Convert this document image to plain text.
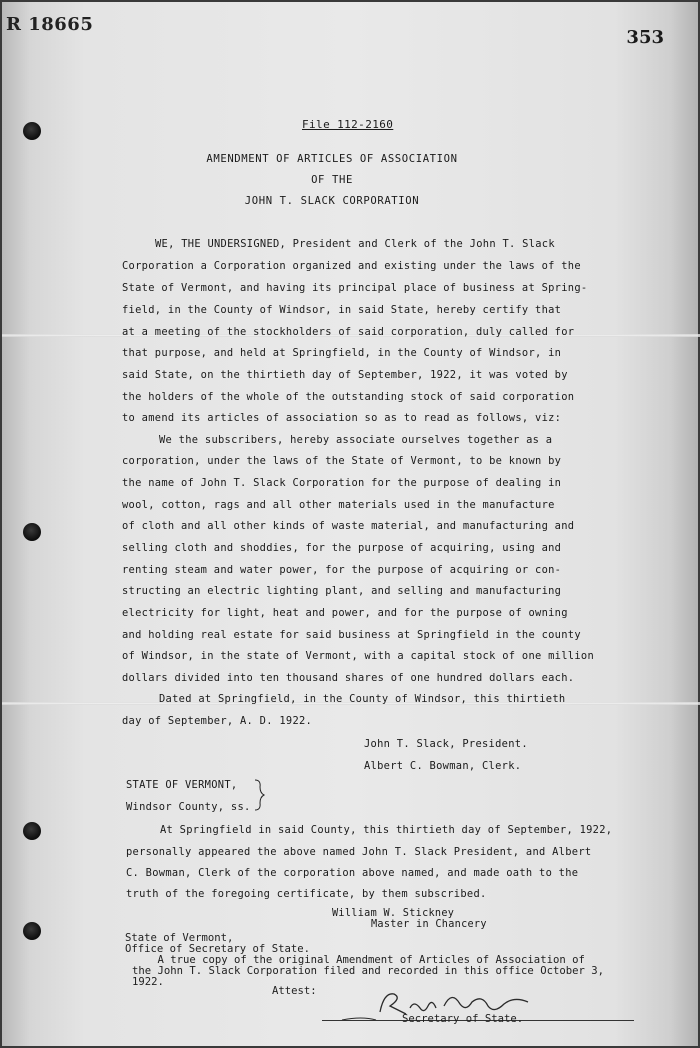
R 18665
353
File 112-2160
AMENDMENT OF ARTICLES OF ASSOCIATION
OF THE
JOHN T. SLACK CORPORATION
WE, THE UNDERSIGNED, President and Clerk of the John T. Slack
Corporation a Corporation organized and existing under the laws of the
State of Vermont, and having its principal place of business at Spring-
field, in the County of Windsor, in said State, hereby certify that
at a meeting of the stockholders of said corporation, duly called for
that purpose, and held at Springfield, in the County of Windsor, in
said State, on the thirtieth day of September, 1922, it was voted by
the holders of the whole of the outstanding stock of said corporation
to amend its articles of association so as to read as follows, viz:
We the subscribers, hereby associate ourselves together as a
corporation, under the laws of the State of Vermont, to be known by
the name of John T. Slack Corporation for the purpose of dealing in
wool, cotton, rags and all other materials used in the manufacture
of cloth and all other kinds of waste material, and manufacturing and
selling cloth and shoddies, for the purpose of acquiring, using and
renting steam and water power, for the purpose of acquiring or con-
structing an electric lighting plant, and selling and manufacturing
electricity for light, heat and power, and for the purpose of owning
and holding real estate for said business at Springfield in the county
of Windsor, in the state of Vermont, with a capital stock of one million
dollars divided into ten thousand shares of one hundred dollars each.
Dated at Springfield, in the County of Windsor, this thirtieth
day of September, A. D. 1922.
John T. Slack, President.
Albert C. Bowman, Clerk.
STATE OF VERMONT,
Windsor County, ss.
At Springfield in said County, this thirtieth day of September, 1922,
personally appeared the above named John T. Slack President, and Albert
C. Bowman, Clerk of the corporation above named, and made oath to the
truth of the foregoing certificate, by them subscribed.
William W. Stickney
Master in Chancery
State of Vermont,
Office of Secretary of State.
A true copy of the original Amendment of Articles of Association of
the John T. Slack Corporation filed and recorded in this office October 3,
1922.
Attest:
Secretary of State.
